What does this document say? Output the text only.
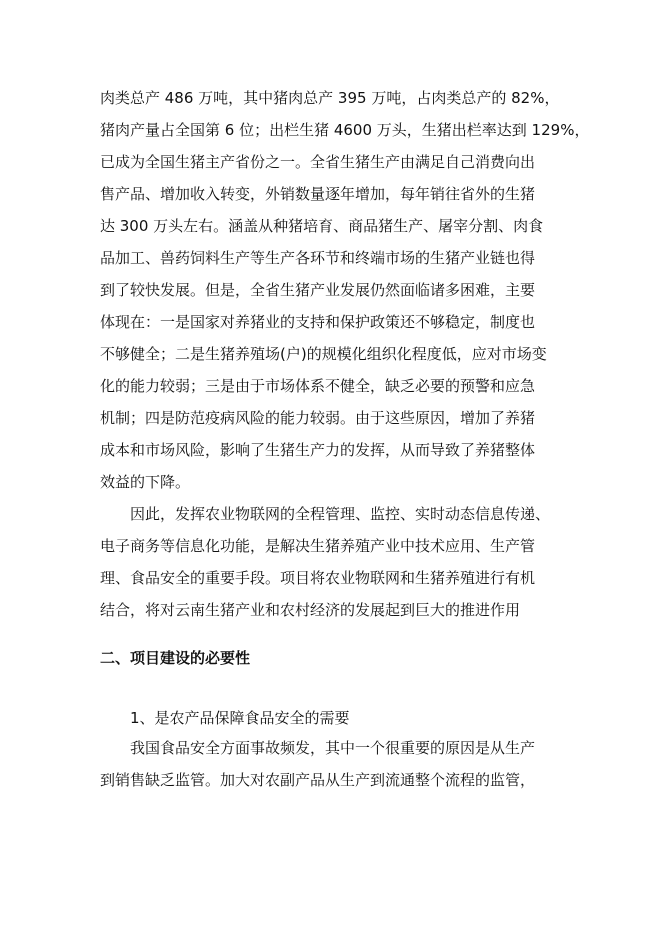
肉类总产 486 万吨，其中猪肉总产 395 万吨，占肉类总产的 82%，
猪肉产量占全国第 6 位；出栏生猪 4600 万头，生猪出栏率达到 129%，
已成为全国生猪主产省份之一。全省生猪生产由满足自己消费向出
售产品、增加收入转变，外销数量逐年增加，每年销往省外的生猪
达 300 万头左右。涵盖从种猪培育、商品猪生产、屠宰分割、肉食
品加工、兽药饲料生产等生产各环节和终端市场的生猪产业链也得
到了较快发展。但是，全省生猪产业发展仍然面临诸多困难，主要
体现在：一是国家对养猪业的支持和保护政策还不够稳定，制度也
不够健全；二是生猪养殖场(户)的规模化组织化程度低，应对市场变
化的能力较弱；三是由于市场体系不健全，缺乏必要的预警和应急
机制；四是防范疫病风险的能力较弱。由于这些原因，增加了养猪
成本和市场风险，影响了生猪生产力的发挥，从而导致了养猪整体
效益的下降。
因此，发挥农业物联网的全程管理、监控、实时动态信息传递、
电子商务等信息化功能，是解决生猪养殖产业中技术应用、生产管
理、食品安全的重要手段。项目将农业物联网和生猪养殖进行有机
结合，将对云南生猪产业和农村经济的发展起到巨大的推进作用
二、项目建设的必要性
1、是农产品保障食品安全的需要
我国食品安全方面事故频发，其中一个很重要的原因是从生产
到销售缺乏监管。加大对农副产品从生产到流通整个流程的监管，
